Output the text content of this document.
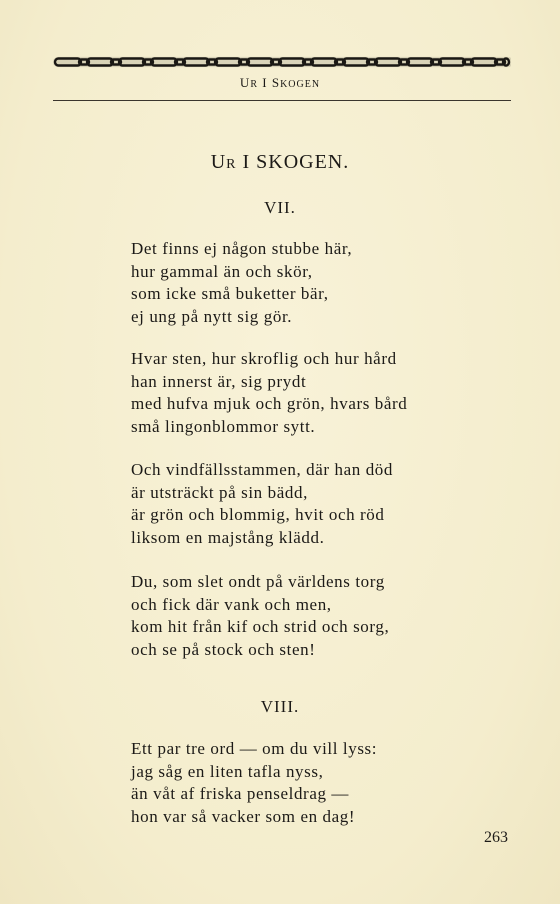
UR I SKOGEN
UR I SKOGEN.
VII.
Det finns ej någon stubbe här,
hur gammal än och skör,
som icke små buketter bär,
ej ung på nytt sig gör.
Hvar sten, hur skroflig och hur hård
han innerst är, sig prydt
med hufva mjuk och grön, hvars bård
små lingonblommor sytt.
Och vindfällsstammen, där han död
är utsträckt på sin bädd,
är grön och blommig, hvit och röd
liksom en majstång klädd.
Du, som slet ondt på världens torg
och fick där vank och men,
kom hit från kif och strid och sorg,
och se på stock och sten!
VIII.
Ett par tre ord — om du vill lyss:
jag såg en liten tafla nyss,
än våt af friska penseldrag —
hon var så vacker som en dag!
263
